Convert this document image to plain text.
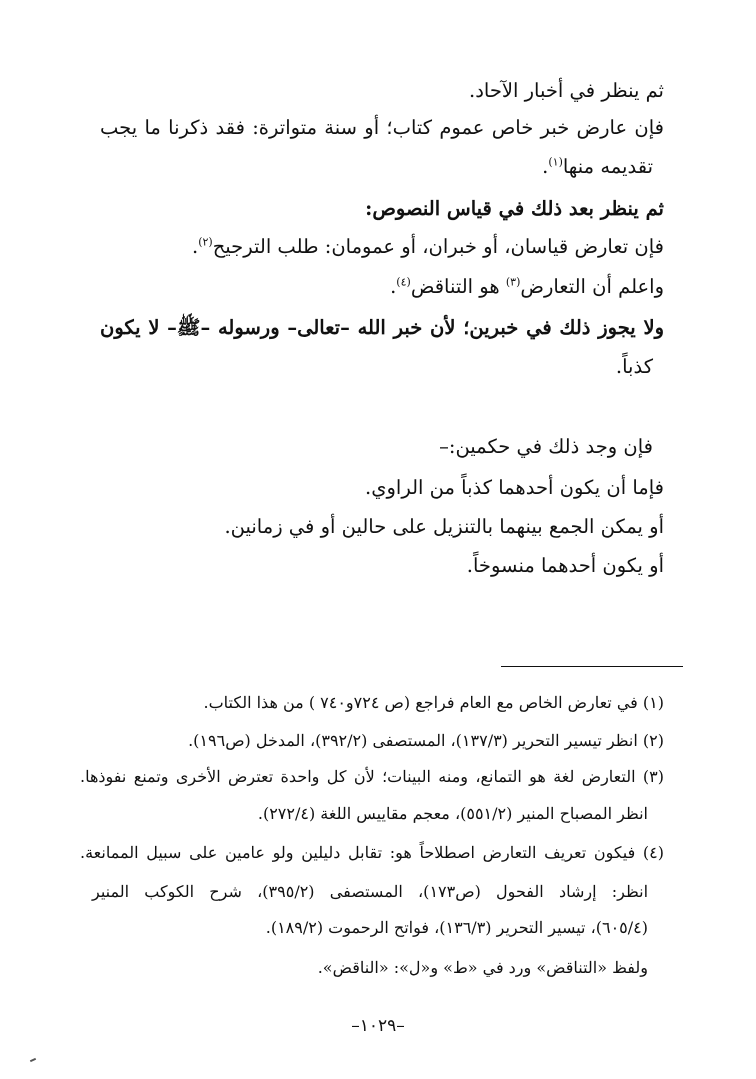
ثم ينظر في أخبار الآحاد.
فإن عارض خبر خاص عموم كتاب؛ أو سنة متواترة: فقد ذكرنا ما يجب
تقديمه منها$^{(١)}$.
ثم ينظر بعد ذلك في قياس النصوص:
فإن تعارض قياسان، أو خبران، أو عمومان: طلب الترجيح$^{(٢)}$.
واعلم أن التعارض$^{(٣)}$ هو التناقض$^{(٤)}$.
ولا يجوز ذلك في خبرين؛ لأن خبر الله –تعالى– ورسوله –ﷺ– لا يكون
كذباً.
فإن وجد ذلك في حكمين:–
فإما أن يكون أحدهما كذباً من الراوي.
أو يمكن الجمع بينهما بالتنزيل على حالين أو في زمانين.
أو يكون أحدهما منسوخاً.
(١) في تعارض الخاص مع العام فراجع (ص ٧٢٤و٧٤٠ ) من هذا الكتاب.
(٢) انظر تيسير التحرير (١٣٧/٣)، المستصفى (٣٩٢/٢)، المدخل (ص١٩٦).
(٣) التعارض لغة هو التمانع، ومنه البينات؛ لأن كل واحدة تعترض الأخرى وتمنع نفوذها.
انظر المصباح المنير (٥٥١/٢)، معجم مقاييس اللغة (٢٧٢/٤).
(٤) فيكون تعريف التعارض اصطلاحاً هو: تقابل دليلين ولو عامين على سبيل الممانعة.
انظر: إرشاد الفحول (ص١٧٣)، المستصفى (٣٩٥/٢)، شرح الكوكب المنير
(٦٠٥/٤)، تيسير التحرير (١٣٦/٣)، فواتح الرحموت (١٨٩/٢).
ولفظ «التناقض» ورد في «ط» و«ل»: «الناقض».
–١٠٢٩–
